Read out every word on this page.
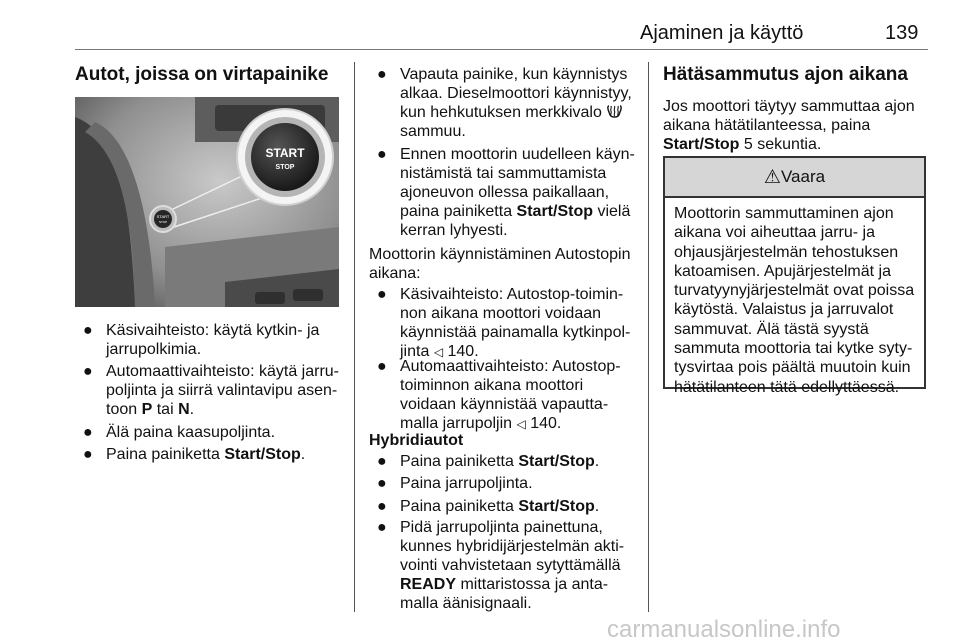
Ajaminen ja käyttö	139
Autot, joissa on virtapainike
START
STOP
START
STOP
● Käsivaihteisto: käytä kytkin- ja
jarrupolkimia.
● Automaattivaihteisto: käytä jarru-
poljinta ja siirrä valintavipu asen-
toon P tai N.
● Älä paina kaasupoljinta.
● Paina painiketta Start/Stop.
● Vapauta painike, kun käynnistys
alkaa. Dieselmoottori käynnistyy,
kun hehkutuksen merkkivalo
sammuu.
● Ennen moottorin uudelleen käyn-
nistämistä tai sammuttamista
ajoneuvon ollessa paikallaan,
paina painiketta Start/Stop vielä
kerran lyhyesti.
Moottorin käynnistäminen Autostopin
aikana:
● Käsivaihteisto: Autostop-toimin-
non aikana moottori voidaan
käynnistää painamalla kytkinpol-
jinta ◁ 140.
● Automaattivaihteisto: Autostop-
toiminnon aikana moottori
voidaan käynnistää vapautta-
malla jarrupoljin ◁ 140.
Hybridiautot
● Paina painiketta Start/Stop.
● Paina jarrupoljinta.
● Paina painiketta Start/Stop.
● Pidä jarrupoljinta painettuna,
kunnes hybridijärjestelmän akti-
vointi vahvistetaan sytyttämällä
READY mittaristossa ja anta-
malla äänisignaali.
Hätäsammutus ajon aikana
Jos moottori täytyy sammuttaa ajon
aikana hätätilanteessa, paina
Start/Stop 5 sekuntia.
⚠ Vaara
Moottorin sammuttaminen ajon
aikana voi aiheuttaa jarru- ja
ohjausjärjestelmän tehostuksen
katoamisen. Apujärjestelmät ja
turvatyynyjärjestelmät ovat poissa
käytöstä. Valaistus ja jarruvalot
sammuvat. Älä tästä syystä
sammuta moottoria tai kytke syty-
tysvirtaa pois päältä muutoin kuin
hätätilanteen tätä edellyttäessä.
carmanualsonline.info
